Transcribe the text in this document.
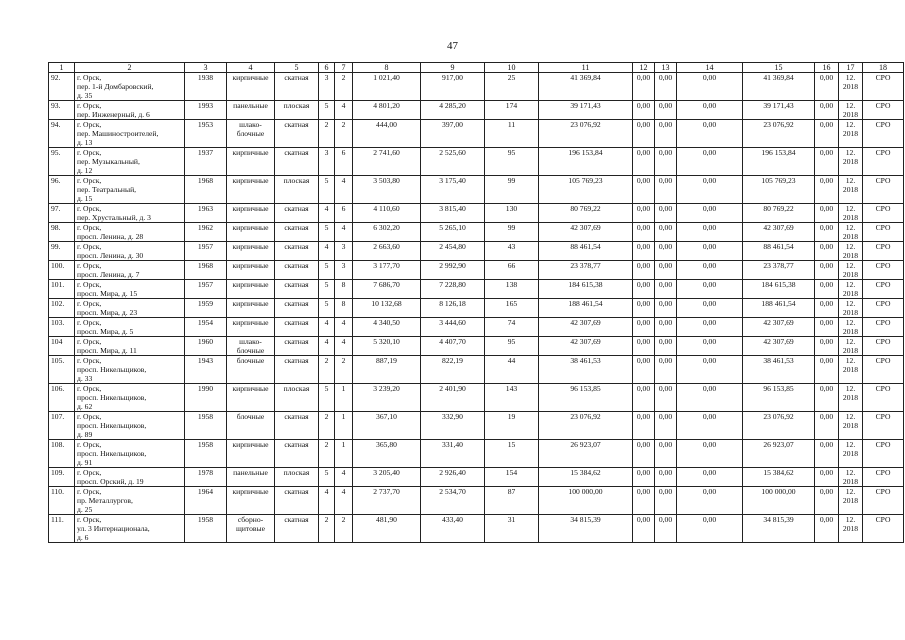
47
1	2	3	4	5	6	7	8	9	10	11	12	13	14	15	16	17	18
92.	г. Орск,
пер. 1-й Домбаровский,
д. 35	1938	кирпичные	скатная	3	2	1 021,40	917,00	25	41 369,84	0,00	0,00	0,00	41 369,84	0,00	12.
2018	СРО
93.	г. Орск,
пер. Инженерный, д. 6	1993	панельные	плоская	5	4	4 801,20	4 285,20	174	39 171,43	0,00	0,00	0,00	39 171,43	0,00	12.
2018	СРО
94.	г. Орск,
пер. Машиностроителей,
д. 13	1953	шлако-
блочные	скатная	2	2	444,00	397,00	11	23 076,92	0,00	0,00	0,00	23 076,92	0,00	12.
2018	СРО
95.	г. Орск,
пер. Музыкальный,
д. 12	1937	кирпичные	скатная	3	6	2 741,60	2 525,60	95	196 153,84	0,00	0,00	0,00	196 153,84	0,00	12.
2018	СРО
96.	г. Орск,
пер. Театральный,
д. 15	1968	кирпичные	плоская	5	4	3 503,80	3 175,40	99	105 769,23	0,00	0,00	0,00	105 769,23	0,00	12.
2018	СРО
97.	г. Орск,
пер. Хрустальный, д. 3	1963	кирпичные	скатная	4	6	4 110,60	3 815,40	130	80 769,22	0,00	0,00	0,00	80 769,22	0,00	12.
2018	СРО
98.	г. Орск,
просп. Ленина, д. 28	1962	кирпичные	скатная	5	4	6 302,20	5 265,10	99	42 307,69	0,00	0,00	0,00	42 307,69	0,00	12.
2018	СРО
99.	г. Орск,
просп. Ленина, д. 30	1957	кирпичные	скатная	4	3	2 663,60	2 454,80	43	88 461,54	0,00	0,00	0,00	88 461,54	0,00	12.
2018	СРО
100.	г. Орск,
просп. Ленина, д. 7	1968	кирпичные	скатная	5	3	3 177,70	2 992,90	66	23 378,77	0,00	0,00	0,00	23 378,77	0,00	12.
2018	СРО
101.	г. Орск,
просп. Мира, д. 15	1957	кирпичные	скатная	5	8	7 686,70	7 228,80	138	184 615,38	0,00	0,00	0,00	184 615,38	0,00	12.
2018	СРО
102.	г. Орск,
просп. Мира, д. 23	1959	кирпичные	скатная	5	8	10 132,68	8 126,18	165	188 461,54	0,00	0,00	0,00	188 461,54	0,00	12.
2018	СРО
103.	г. Орск,
просп. Мира, д. 5	1954	кирпичные	скатная	4	4	4 340,50	3 444,60	74	42 307,69	0,00	0,00	0,00	42 307,69	0,00	12.
2018	СРО
104	г. Орск,
просп. Мира, д. 11	1960	шлако-
блочные	скатная	4	4	5 320,10	4 407,70	95	42 307,69	0,00	0,00	0,00	42 307,69	0,00	12.
2018	СРО
105.	г. Орск,
просп. Никельщиков,
д. 33	1943	блочные	скатная	2	2	887,19	822,19	44	38 461,53	0,00	0,00	0,00	38 461,53	0,00	12.
2018	СРО
106.	г. Орск,
просп. Никельщиков,
д. 62	1990	кирпичные	плоская	5	1	3 239,20	2 401,90	143	96 153,85	0,00	0,00	0,00	96 153,85	0,00	12.
2018	СРО
107.	г. Орск,
просп. Никельщиков,
д. 89	1958	блочные	скатная	2	1	367,10	332,90	19	23 076,92	0,00	0,00	0,00	23 076,92	0,00	12.
2018	СРО
108.	г. Орск,
просп. Никельщиков,
д. 91	1958	кирпичные	скатная	2	1	365,80	331,40	15	26 923,07	0,00	0,00	0,00	26 923,07	0,00	12.
2018	СРО
109.	г. Орск,
просп. Орский, д. 19	1978	панельные	плоская	5	4	3 205,40	2 926,40	154	15 384,62	0,00	0,00	0,00	15 384,62	0,00	12.
2018	СРО
110.	г. Орск,
пр. Металлургов,
д. 25	1964	кирпичные	скатная	4	4	2 737,70	2 534,70	87	100 000,00	0,00	0,00	0,00	100 000,00	0,00	12.
2018	СРО
111.	г. Орск,
ул. 3 Интернационала,
д. 6	1958	сборно-
щитовые	скатная	2	2	481,90	433,40	31	34 815,39	0,00	0,00	0,00	34 815,39	0,00	12.
2018	СРО
